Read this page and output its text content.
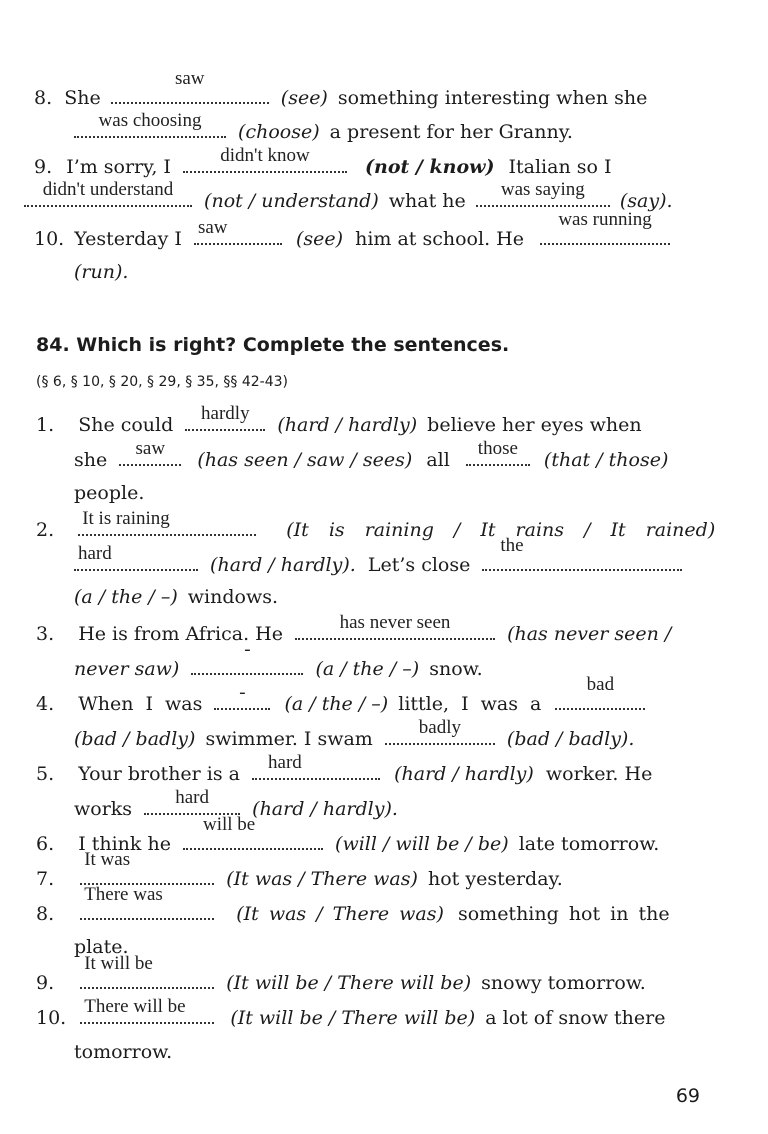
8. She
saw
(see) something interesting when she
was choosing
(choose) a present for her Granny.
9. I’m sorry, I
didn't know
(not / know) Italian so I
didn't understand
(not / understand) what he
was saying
(say).
10. Yesterday I
saw
(see) him at school. He
was running
(run).
84. Which is right? Complete the sentences.
(§ 6, § 10, § 20, § 29, § 35, §§ 42-43)
1. She could
hardly
(hard / hardly) believe her eyes when
she
saw
(has seen / saw / sees) all
those
(that / those)
people.
2.
It is raining
(It is raining / It rains / It rained)
hard
(hard / hardly). Let’s close
the
(a / the / –) windows.
3. He is from Africa. He
has never seen
(has never seen /
never saw)
-
(a / the / –) snow.
4. When I was
-
(a / the / –) little, I was a
bad
(bad / badly) swimmer. I swam
badly
(bad / badly).
5. Your brother is a
hard
(hard / hardly) worker. He
works
hard
(hard / hardly).
6. I think he
will be
(will / will be / be) late tomorrow.
7.
It was
(It was / There was) hot yesterday.
8.
There was
(It was / There was) something hot in the
plate.
9.
It will be
(It will be / There will be) snowy tomorrow.
10.
There will be
(It will be / There will be) a lot of snow there
tomorrow.
69
